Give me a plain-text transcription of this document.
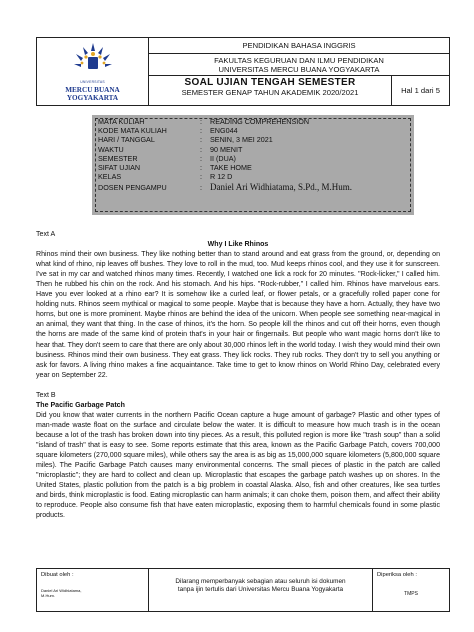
UNIVERSITAS
MERCU BUANA
YOGYAKARTA
PENDIDIKAN BAHASA INGGRIS
FAKULTAS KEGURUAN DAN ILMU PENDIDIKAN
UNIVERSITAS MERCU BUANA YOGYAKARTA
SOAL UJIAN TENGAH SEMESTER
SEMESTER GENAP TAHUN AKADEMIK 2020/2021	Hal 1 dari 5
MATA KULIAH	:	READING COMPREHENSION
KODE MATA KULIAH	:	ENG044
HARI / TANGGAL	:	SENIN, 3 MEI 2021
WAKTU	:	90 MENIT
SEMESTER	:	II (DUA)
SIFAT UJIAN	:	TAKE HOME
KELAS	:	R 12 D
DOSEN PENGAMPU	: Daniel Ari Widhiatama, S.Pd., M.Hum.

Text A

Why I Like Rhinos

Rhinos mind their own business. They like nothing better than to stand around and eat grass from the ground, or, depending on what kind of rhino, nip leaves off bushes. They love to roll in the mud, too. Mud keeps rhinos cool, and they use it for sunscreen. I've sat in my car and watched rhinos many times. Recently, I watched one lick a rock for 20 minutes. "Rock-licker," I called him. Then he rubbed his chin on the rock. And his stomach. And his hips. "Rock-rubber," I called him. Rhinos have marvelous ears. Have you ever looked at a rhino ear? It is somehow like a curled leaf, or flower petals, or a gracefully rolled paper cone for holding nuts. Rhinos seem mythical or magical to some people. Maybe that is because they have a horn. Actually, they have two horns, but one is more prominent. Maybe rhinos are behind the idea of the unicorn. When people see something near-magical in an animal, they want that thing. In the case of rhinos, it's the horn. So people kill the rhinos and cut off their horns, even though the horns are made of the same kind of protein that's in your hair or fingernails. But people who want magic horns don't like to hear that. They don't seem to care that there are only about 30,000 rhinos left in the world today. I wish they would mind their own business. Rhinos mind their own business. They eat grass. They lick rocks. They rub rocks. They don't try to sell you anything or ask for favors. A living rhino makes a fine acquaintance. Take time to get to know rhinos on World Rhino Day, celebrated every year on September 22.

Text B

The Pacific Garbage Patch

Did you know that water currents in the northern Pacific Ocean capture a huge amount of garbage? Plastic and other types of man-made waste float on the surface and circulate below the water. It is difficult to measure how much trash is in the ocean because a lot of the trash has broken down into tiny pieces. As a result, this polluted region is more like "trash soup" than a solid "island of trash" that is easy to see. Some reports estimate that this area, known as the Pacific Garbage Patch, covers 700,000 square kilometers (270,000 square miles), while others say the area is as big as 15,000,000 square kilometers (5,800,000 square miles). The Pacific Garbage Patch causes many environmental concerns. The small pieces of plastic in the patch are called "microplastic"; they are hard to collect and clean up. Microplastic that escapes the garbage patch washes up on shores. In the United States, plastic pollution from the patch is a big problem in coastal Alaska. Also, fish and other creatures, like sea turtles and birds, think microplastic is food. Eating microplastic can harm animals; it can choke them, poison them, and affect their ability to reproduce. People also consume fish that have eaten microplastic, exposing them to harmful chemicals found in some plastic products.

Dibuat oleh :
Daniel Ari Widhiatama,
M.Hum.
Dilarang memperbanyak sebagian atau seluruh isi dokumen
tanpa ijin tertulis dari Universitas Mercu Buana Yogyakarta
Diperiksa oleh :
TMPS
